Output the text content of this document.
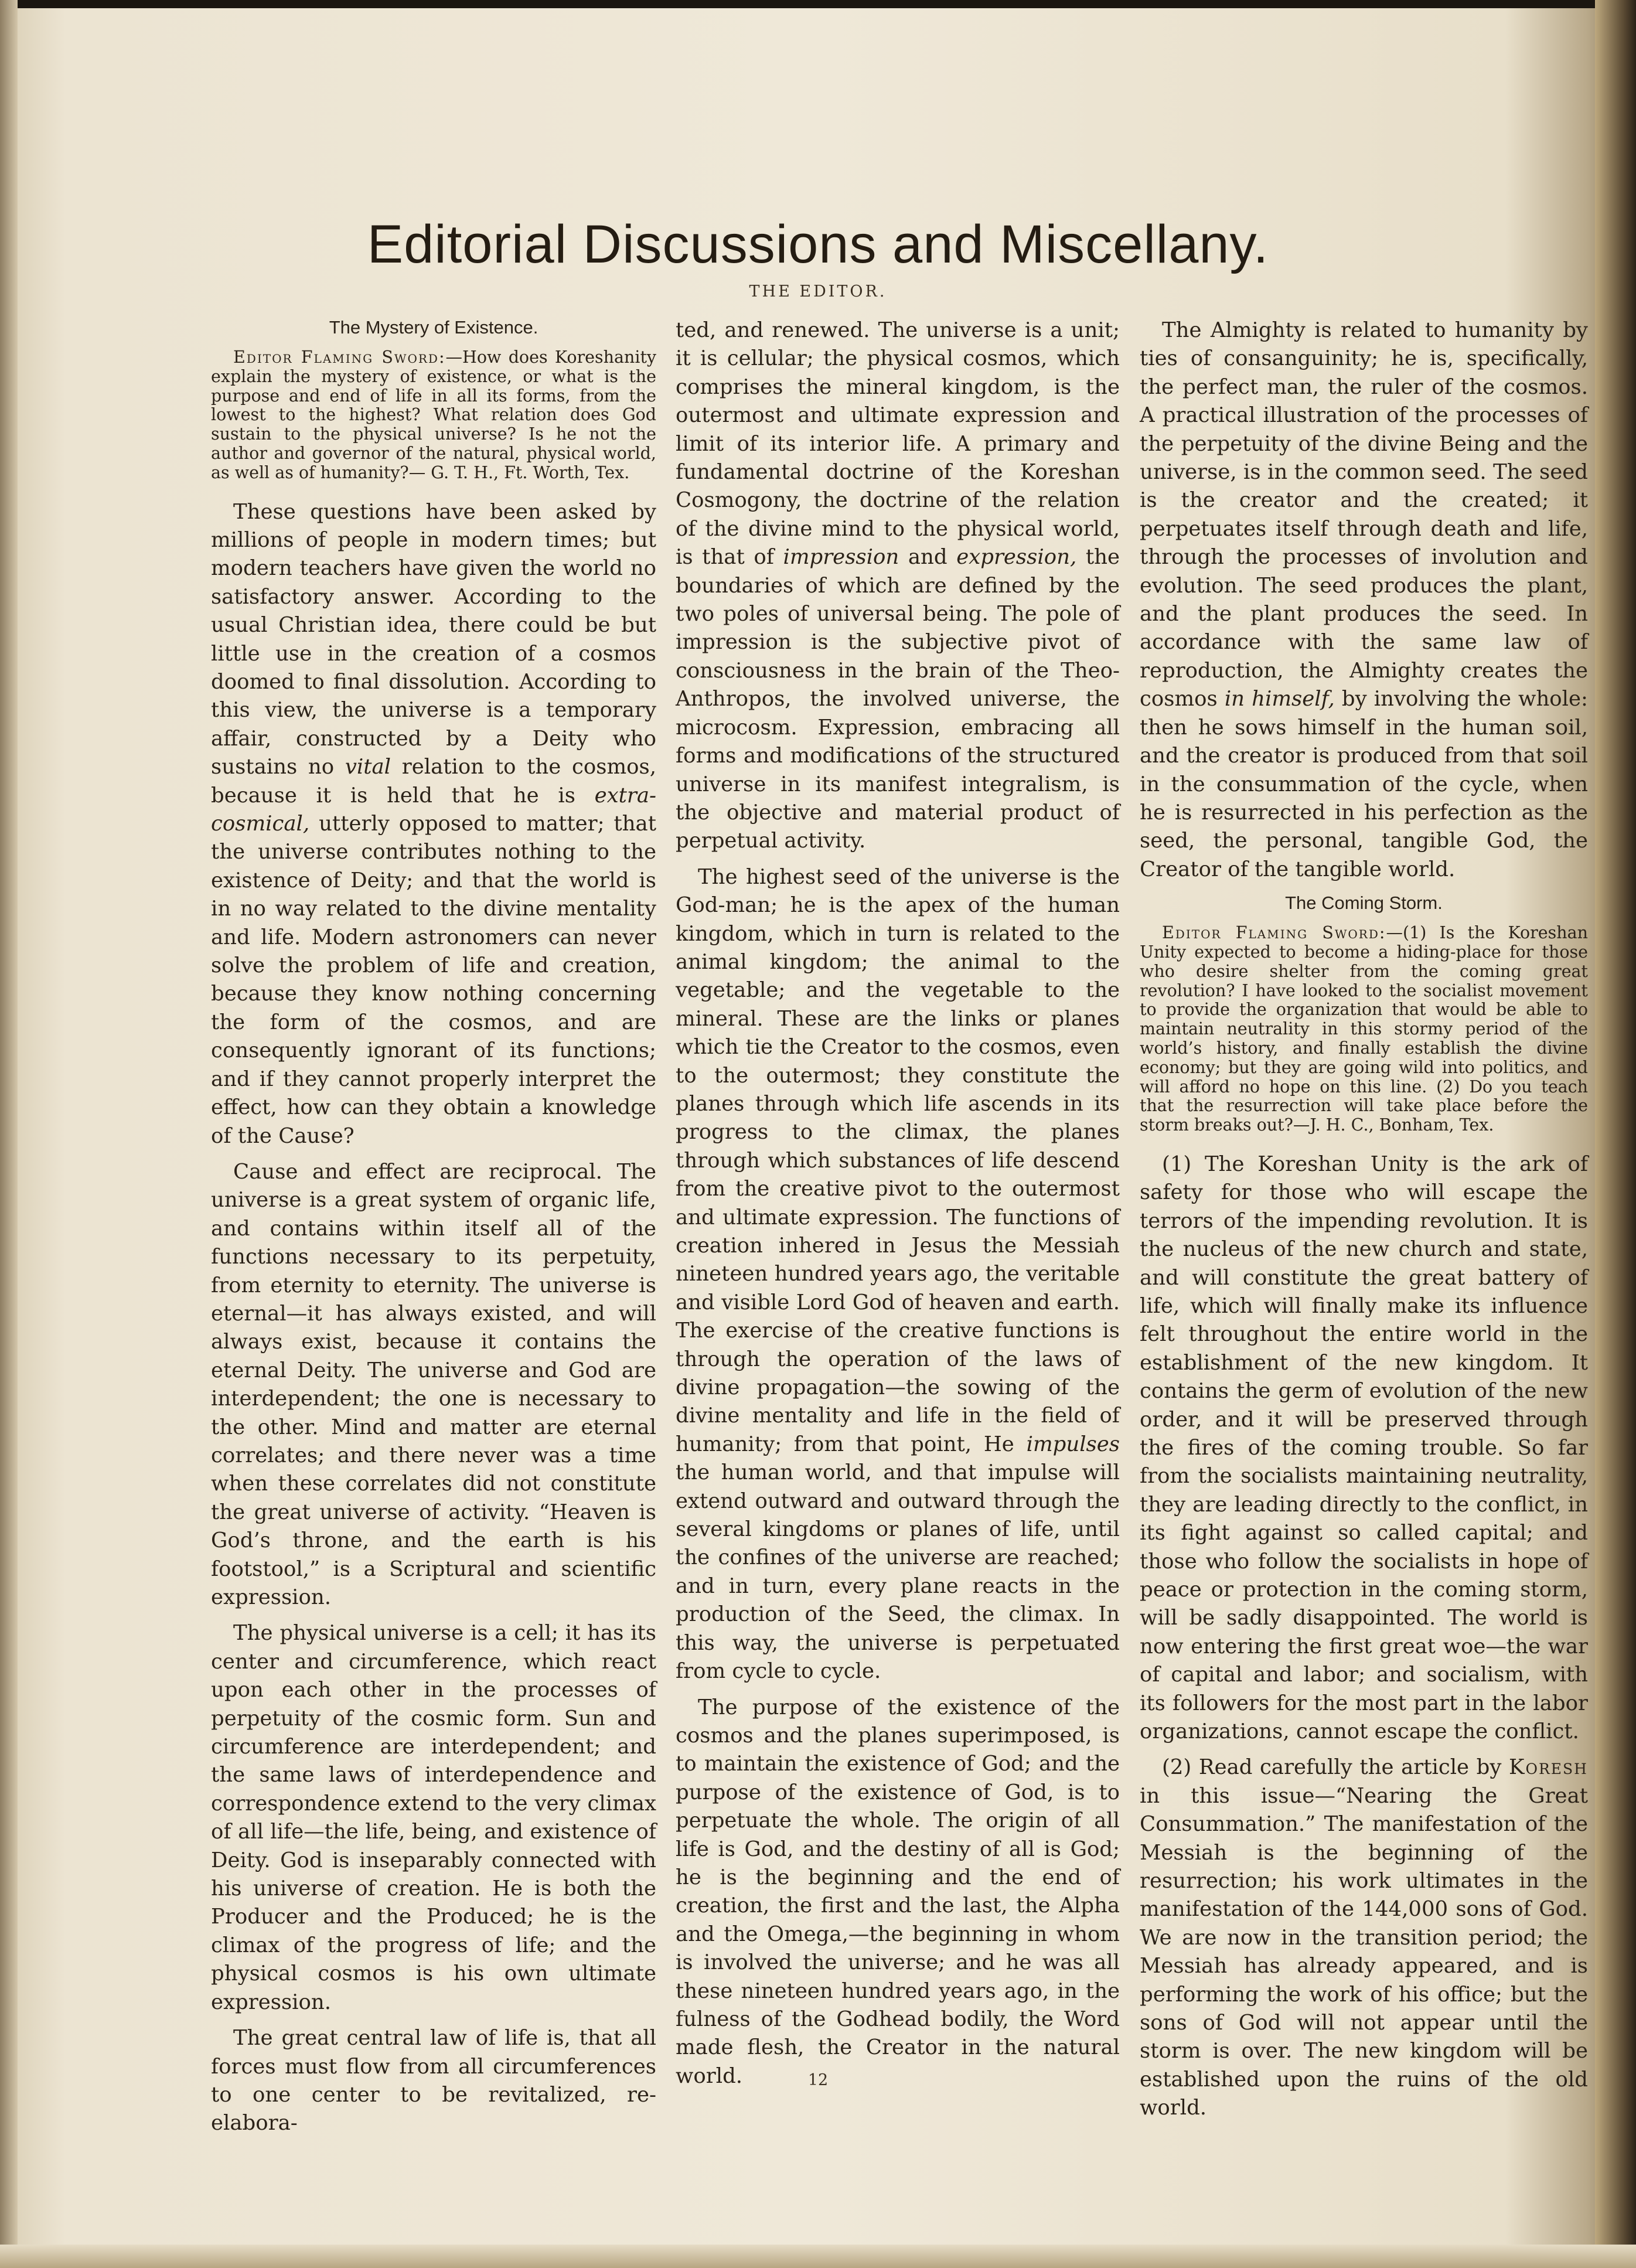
Editorial Discussions and Miscellany.
THE EDITOR.
The Mystery of Existence.
Editor Flaming Sword:—How does Koreshanity explain the mystery of existence, or what is the purpose and end of life in all its forms, from the lowest to the highest? What relation does God sustain to the physical universe? Is he not the author and governor of the natural, physical world, as well as of humanity?— G. T. H., Ft. Worth, Tex.

These questions have been asked by millions of people in modern times; but modern teachers have given the world no satisfactory answer. According to the usual Christian idea, there could be but little use in the creation of a cosmos doomed to final dissolution. According to this view, the universe is a temporary affair, constructed by a Deity who sustains no vital relation to the cosmos, because it is held that he is extra-cosmical, utterly opposed to matter; that the universe contributes nothing to the existence of Deity; and that the world is in no way related to the divine mentality and life. Modern astronomers can never solve the problem of life and creation, because they know nothing concerning the form of the cosmos, and are consequently ignorant of its functions; and if they cannot properly interpret the effect, how can they obtain a knowledge of the Cause?

Cause and effect are reciprocal. The universe is a great system of organic life, and contains within itself all of the functions necessary to its perpetuity, from eternity to eternity. The universe is eternal—it has always existed, and will always exist, because it contains the eternal Deity. The universe and God are interdependent; the one is necessary to the other. Mind and matter are eternal correlates; and there never was a time when these correlates did not constitute the great universe of activity. “Heaven is God’s throne, and the earth is his footstool,” is a Scriptural and scientific expression.

The physical universe is a cell; it has its center and circumference, which react upon each other in the processes of perpetuity of the cosmic form. Sun and circumference are interdependent; and the same laws of interdependence and correspondence extend to the very climax of all life—the life, being, and existence of Deity. God is inseparably connected with his universe of creation. He is both the Producer and the Produced; he is the climax of the progress of life; and the physical cosmos is his own ultimate expression.

The great central law of life is, that all forces must flow from all circumferences to one center to be revitalized, re-elabora-

ted, and renewed. The universe is a unit; it is cellular; the physical cosmos, which comprises the mineral kingdom, is the outermost and ultimate expression and limit of its interior life. A primary and fundamental doctrine of the Koreshan Cosmogony, the doctrine of the relation of the divine mind to the physical world, is that of impression and expression, the boundaries of which are defined by the two poles of universal being. The pole of impression is the subjective pivot of consciousness in the brain of the Theo-Anthropos, the involved universe, the microcosm. Expression, embracing all forms and modifications of the structured universe in its manifest integralism, is the objective and material product of perpetual activity.

The highest seed of the universe is the God-man; he is the apex of the human kingdom, which in turn is related to the animal kingdom; the animal to the vegetable; and the vegetable to the mineral. These are the links or planes which tie the Creator to the cosmos, even to the outermost; they constitute the planes through which life ascends in its progress to the climax, the planes through which substances of life descend from the creative pivot to the outermost and ultimate expression. The functions of creation inhered in Jesus the Messiah nineteen hundred years ago, the veritable and visible Lord God of heaven and earth. The exercise of the creative functions is through the operation of the laws of divine propagation—the sowing of the divine mentality and life in the field of humanity; from that point, He impulses the human world, and that impulse will extend outward and outward through the several kingdoms or planes of life, until the confines of the universe are reached; and in turn, every plane reacts in the production of the Seed, the climax. In this way, the universe is perpetuated from cycle to cycle.

The purpose of the existence of the cosmos and the planes superimposed, is to maintain the existence of God; and the purpose of the existence of God, is to perpetuate the whole. The origin of all life is God, and the destiny of all is God; he is the beginning and the end of creation, the first and the last, the Alpha and the Omega,—the beginning in whom is involved the universe; and he was all these nineteen hundred years ago, in the fulness of the Godhead bodily, the Word made flesh, the Creator in the natural world.

The Almighty is related to humanity by ties of consanguinity; he is, specifically, the perfect man, the ruler of the cosmos. A practical illustration of the processes of the perpetuity of the divine Being and the universe, is in the common seed. The seed is the creator and the created; it perpetuates itself through death and life, through the processes of involution and evolution. The seed produces the plant, and the plant produces the seed. In accordance with the same law of reproduction, the Almighty creates the cosmos in himself, by involving the whole: then he sows himself in the human soil, and the creator is produced from that soil in the consummation of the cycle, when he is resurrected in his perfection as the seed, the personal, tangible God, the Creator of the tangible world.

The Coming Storm.
Editor Flaming Sword:—(1) Is the Koreshan Unity expected to become a hiding-place for those who desire shelter from the coming great revolution? I have looked to the socialist movement to provide the organization that would be able to maintain neutrality in this stormy period of the world’s history, and finally establish the divine economy; but they are going wild into politics, and will afford no hope on this line. (2) Do you teach that the resurrection will take place before the storm breaks out?—J. H. C., Bonham, Tex.

(1) The Koreshan Unity is the ark of safety for those who will escape the terrors of the impending revolution. It is the nucleus of the new church and state, and will constitute the great battery of life, which will finally make its influence felt throughout the entire world in the establishment of the new kingdom. It contains the germ of evolution of the new order, and it will be preserved through the fires of the coming trouble. So far from the socialists maintaining neutrality, they are leading directly to the conflict, in its fight against so called capital; and those who follow the socialists in hope of peace or protection in the coming storm, will be sadly disappointed. The world is now entering the first great woe—the war of capital and labor; and socialism, with its followers for the most part in the labor organizations, cannot escape the conflict.

(2) Read carefully the article by Koresh in this issue—“Nearing the Great Consummation.” The manifestation of the Messiah is the beginning of the resurrection; his work ultimates in the manifestation of the 144,000 sons of God. We are now in the transition period; the Messiah has already appeared, and is performing the work of his office; but the sons of God will not appear until the storm is over. The new kingdom will be established upon the ruins of the old world.

12
